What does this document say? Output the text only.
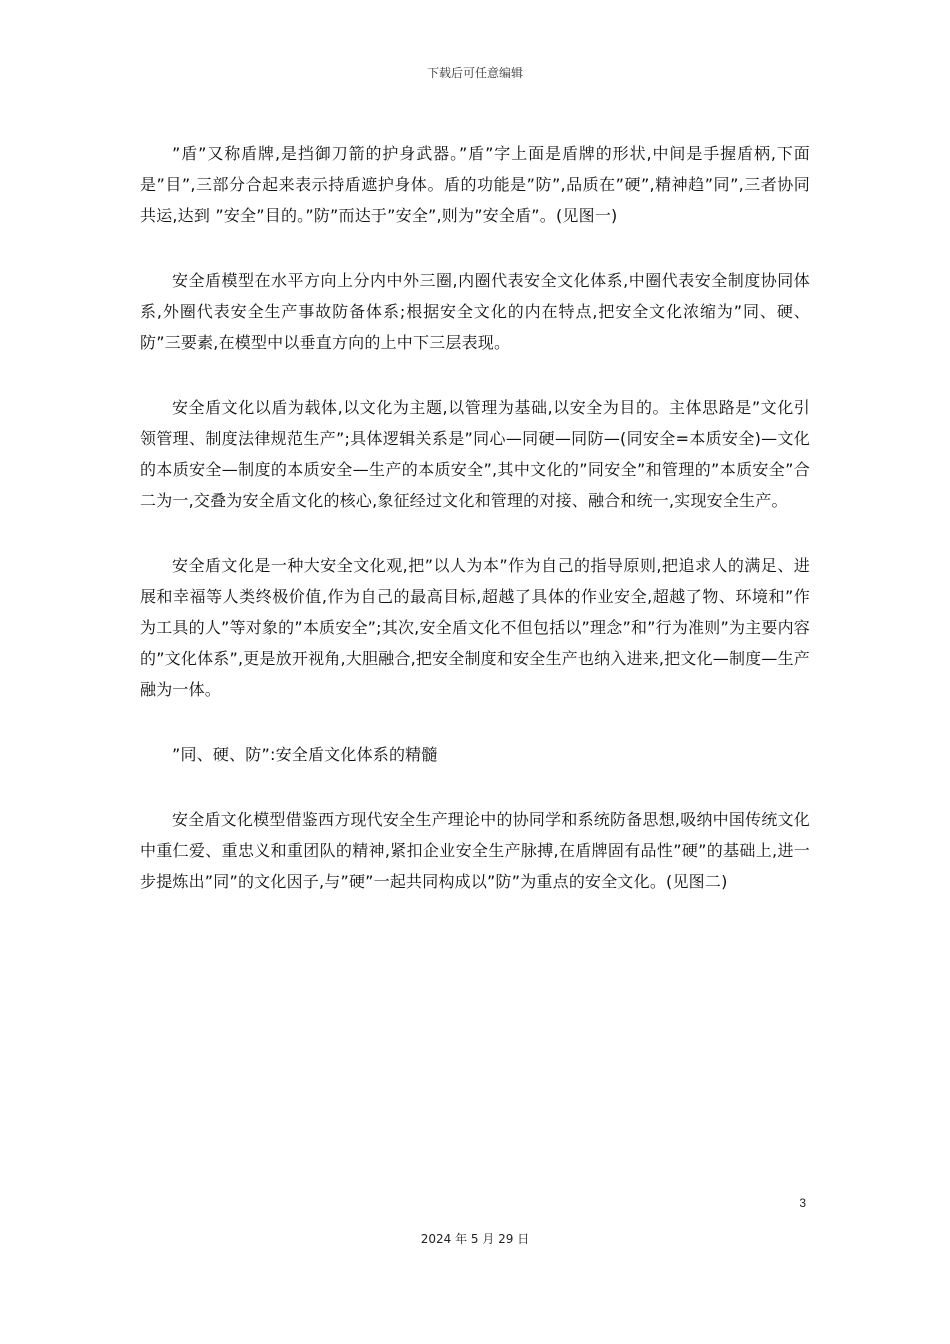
下载后可任意编辑

”盾”又称盾牌,是挡御刀箭的护身武器。”盾”字上面是盾牌的形状,中间是手握盾柄,下面是”目”,三部分合起来表示持盾遮护身体。盾的功能是”防”,品质在”硬”,精神趋”同”,三者协同共运,达到 ”安全”目的。”防”而达于”安全”,则为”安全盾”。(见图一)

安全盾模型在水平方向上分内中外三圈,内圈代表安全文化体系,中圈代表安全制度协同体系,外圈代表安全生产事故防备体系;根据安全文化的内在特点,把安全文化浓缩为”同、硬、防”三要素,在模型中以垂直方向的上中下三层表现。

安全盾文化以盾为载体,以文化为主题,以管理为基础,以安全为目的。主体思路是”文化引领管理、制度法律规范生产”;具体逻辑关系是”同心—同硬—同防—(同安全=本质安全)—文化的本质安全—制度的本质安全—生产的本质安全”,其中文化的”同安全”和管理的”本质安全”合二为一,交叠为安全盾文化的核心,象征经过文化和管理的对接、融合和统一,实现安全生产。

安全盾文化是一种大安全文化观,把”以人为本”作为自己的指导原则,把追求人的满足、进展和幸福等人类终极价值,作为自己的最高目标,超越了具体的作业安全,超越了物、环境和”作为工具的人”等对象的”本质安全”;其次,安全盾文化不但包括以”理念”和”行为准则”为主要内容的”文化体系”,更是放开视角,大胆融合,把安全制度和安全生产也纳入进来,把文化—制度—生产融为一体。

”同、硬、防”:安全盾文化体系的精髓

安全盾文化模型借鉴西方现代安全生产理论中的协同学和系统防备思想,吸纳中国传统文化中重仁爱、重忠义和重团队的精神,紧扣企业安全生产脉搏,在盾牌固有品性”硬”的基础上,进一步提炼出”同”的文化因子,与”硬”一起共同构成以”防”为重点的安全文化。(见图二)

3
2024 年 5 月 29 日
